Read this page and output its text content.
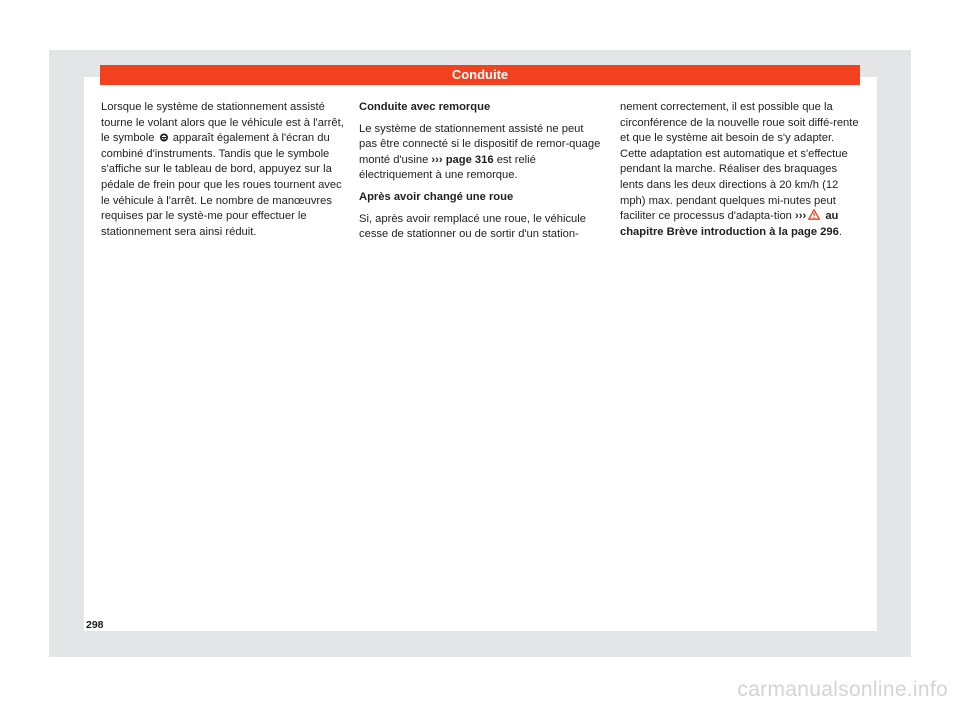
Conduite

Lorsque le système de stationnement assisté tourne le volant alors que le véhicule est à l'arrêt, le symbole apparaît également à l'écran du combiné d'instruments. Tandis que le symbole s'affiche sur le tableau de bord, appuyez sur la pédale de frein pour que les roues tournent avec le véhicule à l'arrêt. Le nombre de manœuvres requises par le systè-me pour effectuer le stationnement sera ainsi réduit.

Conduite avec remorque

Le système de stationnement assisté ne peut pas être connecté si le dispositif de remor-quage monté d'usine ››› page 316 est relié électriquement à une remorque.

Après avoir changé une roue

Si, après avoir remplacé une roue, le véhicule cesse de stationner ou de sortir d'un station-

nement correctement, il est possible que la circonférence de la nouvelle roue soit diffé-rente et que le système ait besoin de s'y adapter. Cette adaptation est automatique et s'effectue pendant la marche. Réaliser des braquages lents dans les deux directions à 20 km/h (12 mph) max. pendant quelques mi-nutes peut faciliter ce processus d'adapta-tion ››› au chapitre Brève introduction à la page 296.

298
carmanualsonline.info
